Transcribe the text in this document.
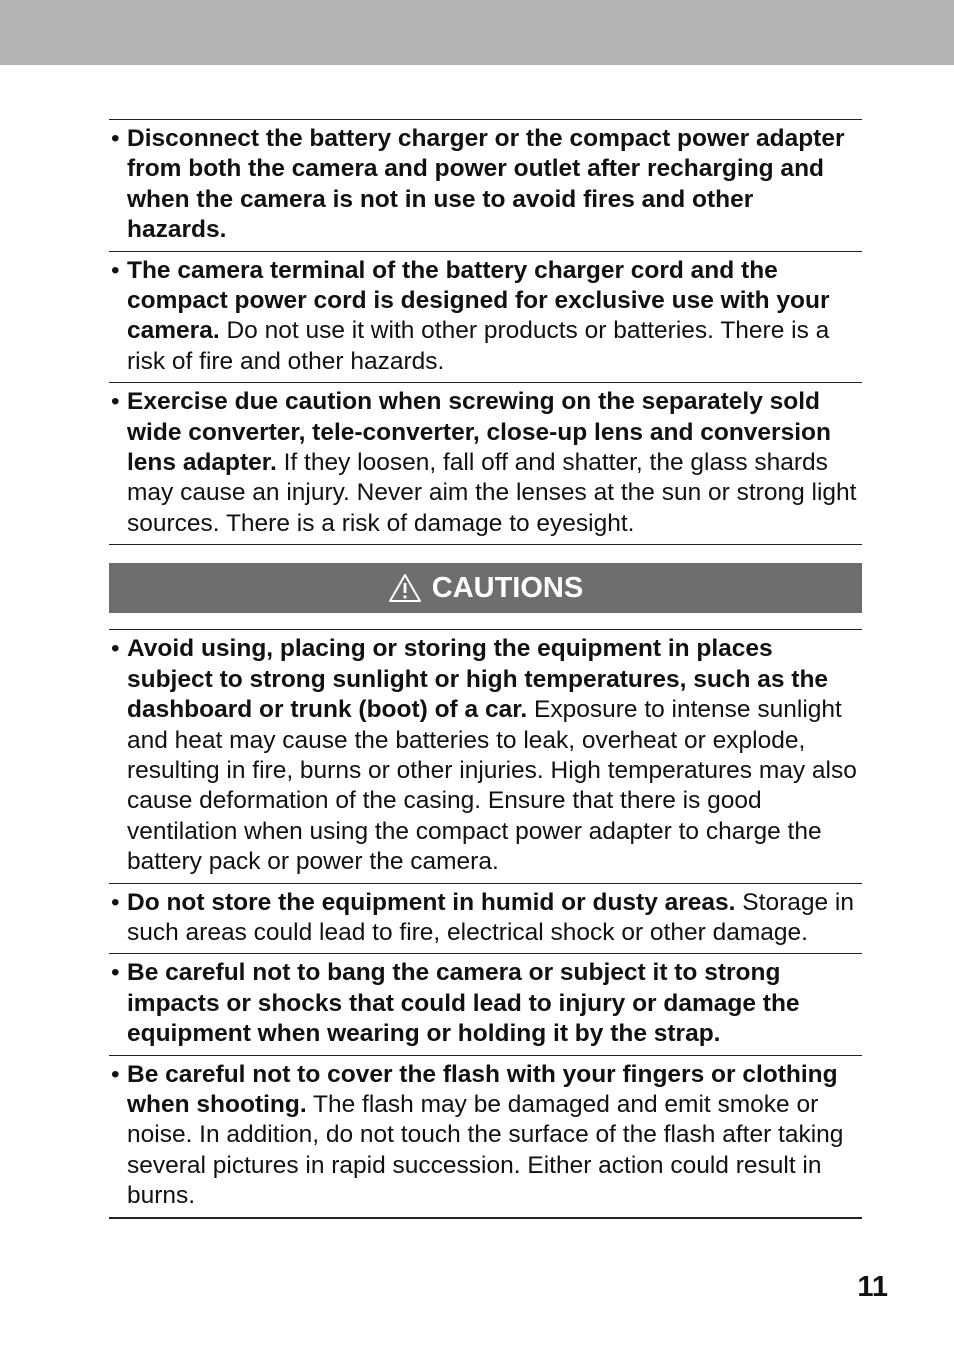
• Disconnect the battery charger or the compact power adapter from both the camera and power outlet after recharging and when the camera is not in use to avoid fires and other hazards.
• The camera terminal of the battery charger cord and the compact power cord is designed for exclusive use with your camera. Do not use it with other products or batteries. There is a risk of fire and other hazards.
• Exercise due caution when screwing on the separately sold wide converter, tele-converter, close-up lens and conversion lens adapter. If they loosen, fall off and shatter, the glass shards may cause an injury. Never aim the lenses at the sun or strong light sources. There is a risk of damage to eyesight.
CAUTIONS
• Avoid using, placing or storing the equipment in places subject to strong sunlight or high temperatures, such as the dashboard or trunk (boot) of a car. Exposure to intense sunlight and heat may cause the batteries to leak, overheat or explode, resulting in fire, burns or other injuries. High temperatures may also cause deformation of the casing. Ensure that there is good ventilation when using the compact power adapter to charge the battery pack or power the camera.
• Do not store the equipment in humid or dusty areas. Storage in such areas could lead to fire, electrical shock or other damage.
• Be careful not to bang the camera or subject it to strong impacts or shocks that could lead to injury or damage the equipment when wearing or holding it by the strap.
• Be careful not to cover the flash with your fingers or clothing when shooting. The flash may be damaged and emit smoke or noise. In addition, do not touch the surface of the flash after taking several pictures in rapid succession. Either action could result in burns.
11
